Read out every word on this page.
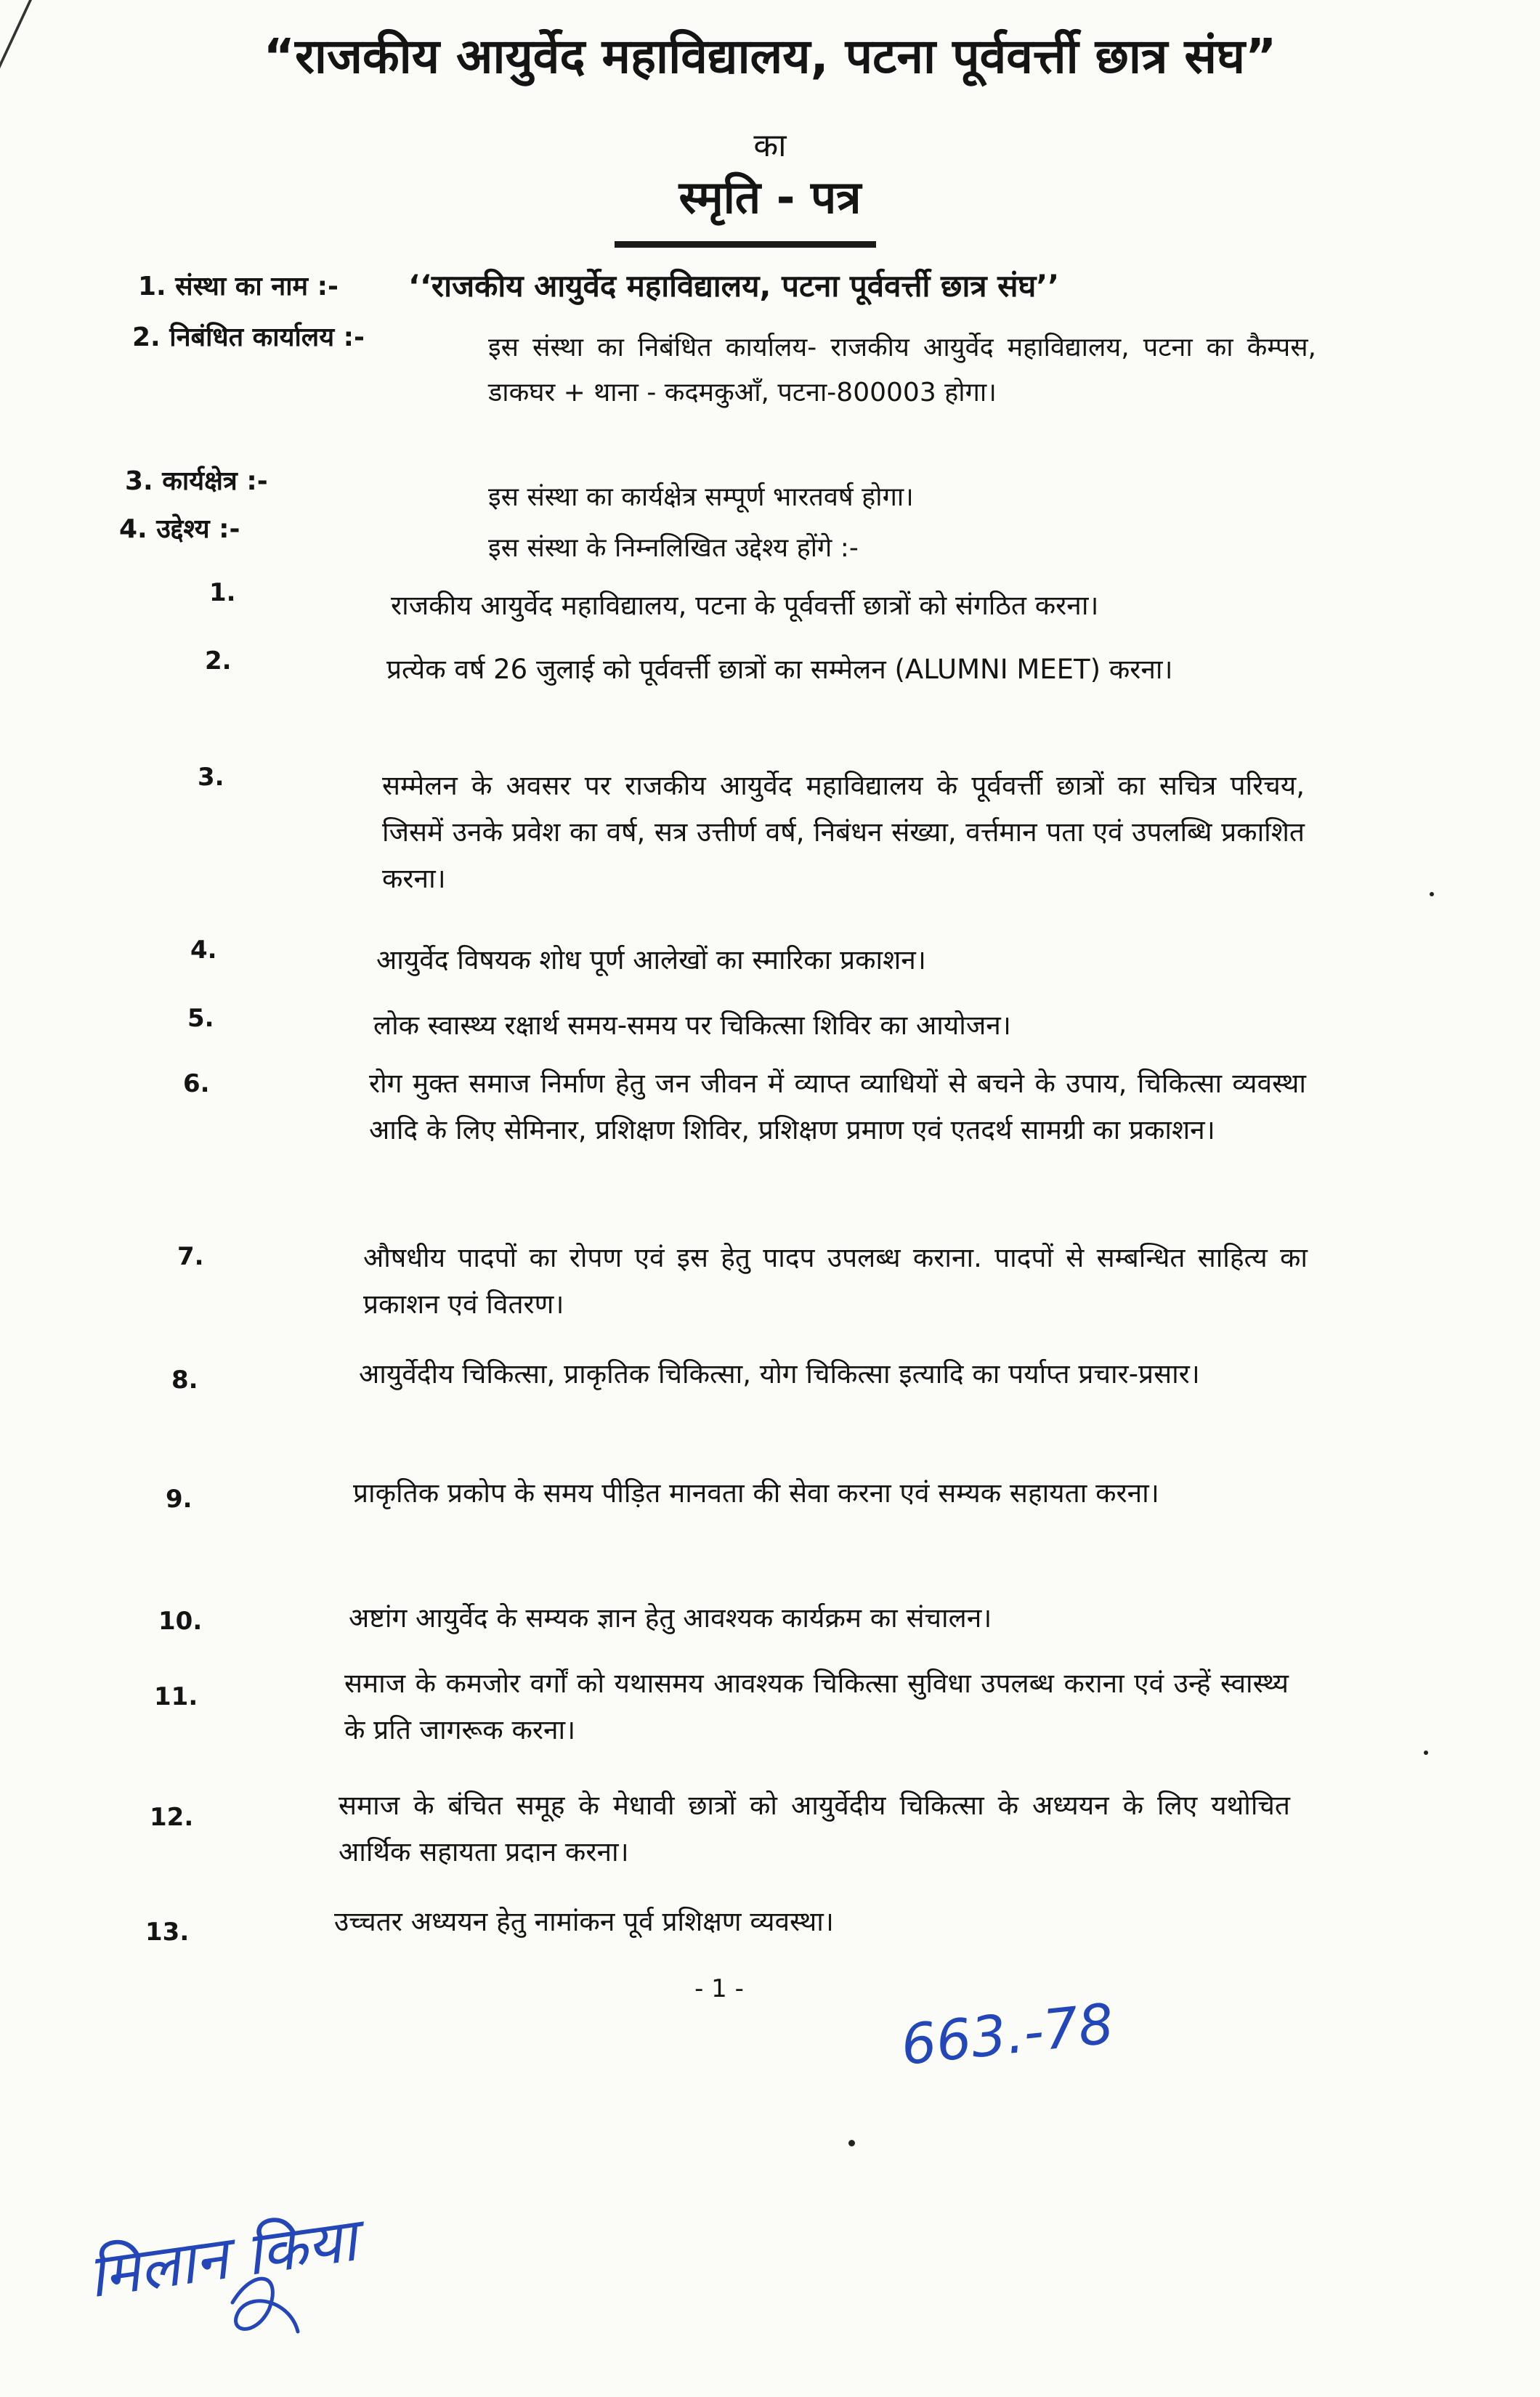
“राजकीय आयुर्वेद महाविद्यालय, पटना पूर्ववर्त्ती छात्र संघ”
का
स्मृति - पत्र
1. संस्था का नाम :- ‘‘राजकीय आयुर्वेद महाविद्यालय, पटना पूर्ववर्त्ती छात्र संघ’’
2. निबंधित कार्यालय :-	इस संस्था का निबंधित कार्यालय- राजकीय आयुर्वेद महाविद्यालय, पटना का कैम्पस, डाकघर + थाना - कदमकुआँ, पटना-800003 होगा।
3. कार्यक्षेत्र :-
इस संस्था का कार्यक्षेत्र सम्पूर्ण भारतवर्ष होगा।
4. उद्देश्य :-
इस संस्था के निम्नलिखित उद्देश्य होंगे :-
1.	राजकीय आयुर्वेद महाविद्यालय, पटना के पूर्ववर्त्ती छात्रों को संगठित करना।
2.	प्रत्येक वर्ष 26 जुलाई को पूर्ववर्त्ती छात्रों का सम्मेलन (ALUMNI MEET) करना।
3.	सम्मेलन के अवसर पर राजकीय आयुर्वेद महाविद्यालय के पूर्ववर्त्ती छात्रों का सचित्र परिचय, जिसमें उनके प्रवेश का वर्ष, सत्र उत्तीर्ण वर्ष, निबंधन संख्या, वर्त्तमान पता एवं उपलब्धि प्रकाशित करना।
4.	आयुर्वेद विषयक शोध पूर्ण आलेखों का स्मारिका प्रकाशन।
5.	लोक स्वास्थ्य रक्षार्थ समय-समय पर चिकित्सा शिविर का आयोजन।
6.	रोग मुक्त समाज निर्माण हेतु जन जीवन में व्याप्त व्याधियों से बचने के उपाय, चिकित्सा व्यवस्था आदि के लिए सेमिनार, प्रशिक्षण शिविर, प्रशिक्षण प्रमाण एवं एतदर्थ सामग्री का प्रकाशन।
7.	औषधीय पादपों का रोपण एवं इस हेतु पादप उपलब्ध कराना. पादपों से सम्बन्धित साहित्य का प्रकाशन एवं वितरण।
8.	आयुर्वेदीय चिकित्सा, प्राकृतिक चिकित्सा, योग चिकित्सा इत्यादि का पर्याप्त प्रचार-प्रसार।
9.	प्राकृतिक प्रकोप के समय पीड़ित मानवता की सेवा करना एवं सम्यक सहायता करना।
10.	अष्टांग आयुर्वेद के सम्यक ज्ञान हेतु आवश्यक कार्यक्रम का संचालन।
11.	समाज के कमजोर वर्गों को यथासमय आवश्यक चिकित्सा सुविधा उपलब्ध कराना एवं उन्हें स्वास्थ्य के प्रति जागरूक करना।
12.	समाज के बंचित समूह के मेधावी छात्रों को आयुर्वेदीय चिकित्सा के अध्ययन के लिए यथोचित आर्थिक सहायता प्रदान करना।
13.	उच्चतर अध्ययन हेतु नामांकन पूर्व प्रशिक्षण व्यवस्था।
- 1 -
663.-78
मिलान किया
